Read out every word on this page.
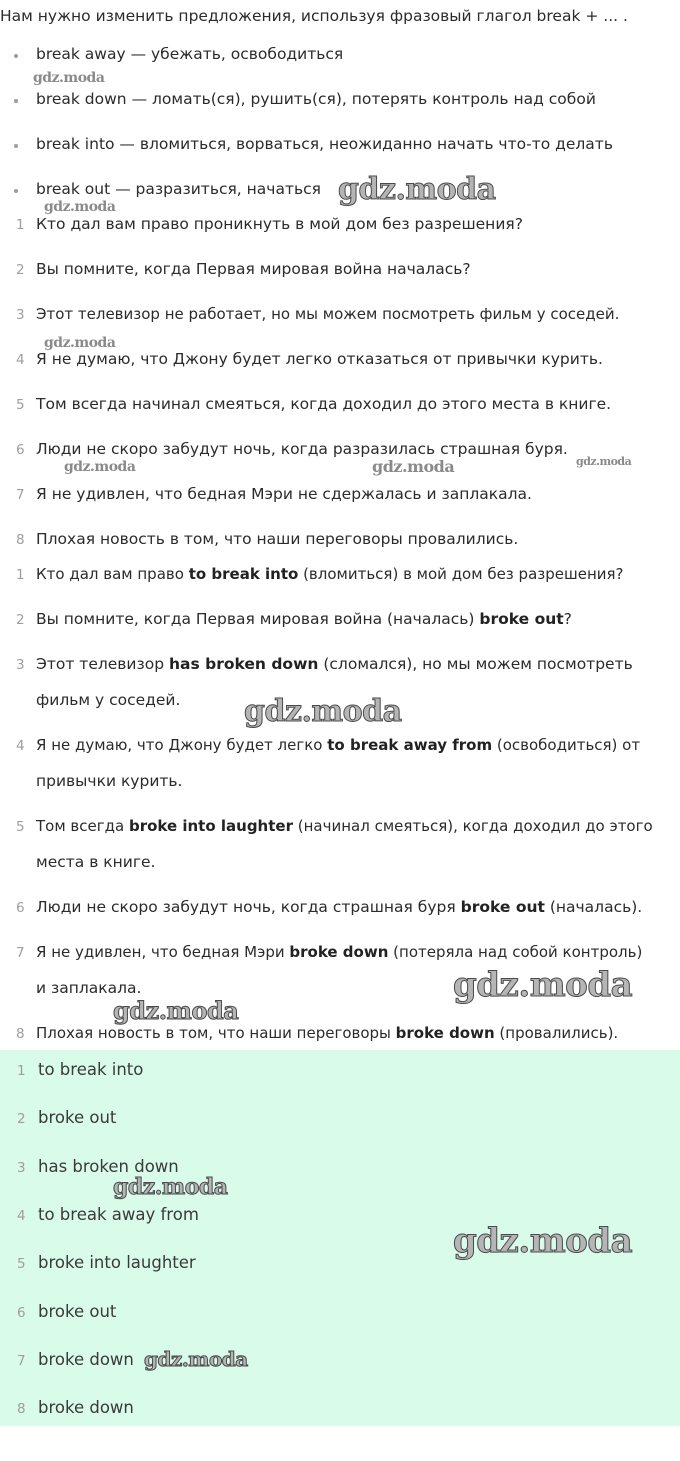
Нам нужно изменить предложения, используя фразовый глагол break + ... .
break away — убежать, освободиться
break down — ломать(ся), рушить(ся), потерять контроль над собой
break into — вломиться, ворваться, неожиданно начать что-то делать
break out — разразиться, начаться
1 Кто дал вам право проникнуть в мой дом без разрешения?
2 Вы помните, когда Первая мировая война началась?
3 Этот телевизор не работает, но мы можем посмотреть фильм у соседей.
4 Я не думаю, что Джону будет легко отказаться от привычки курить.
5 Том всегда начинал смеяться, когда доходил до этого места в книге.
6 Люди не скоро забудут ночь, когда разразилась страшная буря.
7 Я не удивлен, что бедная Мэри не сдержалась и заплакала.
8 Плохая новость в том, что наши переговоры провалились.
1 Кто дал вам право to break into (вломиться) в мой дом без разрешения?
2 Вы помните, когда Первая мировая война (началась) broke out?
3 Этот телевизор has broken down (сломался), но мы можем посмотреть
фильм у соседей.
4 Я не думаю, что Джону будет легко to break away from (освободиться) от
привычки курить.
5 Том всегда broke into laughter (начинал смеяться), когда доходил до этого
места в книге.
6 Люди не скоро забудут ночь, когда страшная буря broke out (началась).
7 Я не удивлен, что бедная Мэри broke down (потеряла над собой контроль)
и заплакала.
8 Плохая новость в том, что наши переговоры broke down (провалились).
1 to break into
2 broke out
3 has broken down
4 to break away from
5 broke into laughter
6 broke out
7 broke down
8 broke down
gdz.moda
gdz.moda
gdz.moda
gdz.moda
gdz.moda	gdz.moda	gdz.moda
gdz.moda
gdz.moda
gdz.moda
gdz.moda
gdz.moda
gdz.moda
